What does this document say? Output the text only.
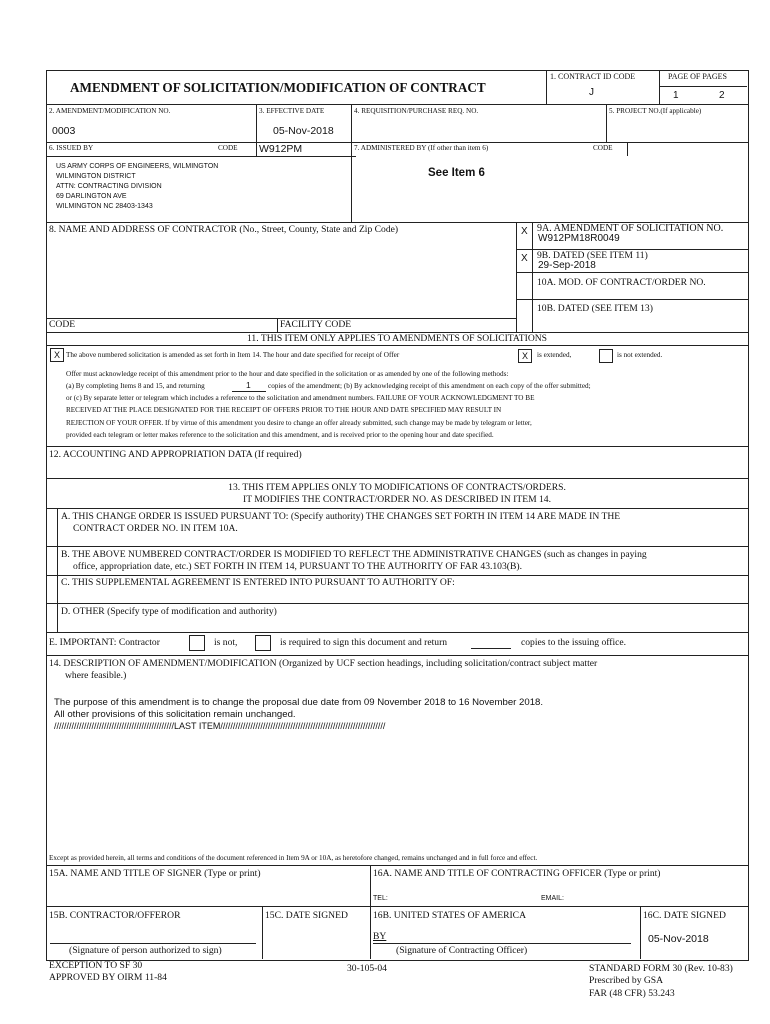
AMENDMENT OF SOLICITATION/MODIFICATION OF CONTRACT
1. CONTRACT ID CODE
J
PAGE OF PAGES
1	2
2. AMENDMENT/MODIFICATION NO.
0003
3. EFFECTIVE DATE
05-Nov-2018
4. REQUISITION/PURCHASE REQ. NO.	5. PROJECT NO.(If applicable)
6. ISSUED BY	CODE W912PM	7. ADMINISTERED BY (If other than item 6)	CODE
US ARMY CORPS OF ENGINEERS, WILMINGTON
WILMINGTON DISTRICT
ATTN: CONTRACTING DIVISION
69 DARLINGTON AVE
WILMINGTON NC 28403-1343
See Item 6
8. NAME AND ADDRESS OF CONTRACTOR (No., Street, County, State and Zip Code)	X 9A. AMENDMENT OF SOLICITATION NO.
W912PM18R0049
X 9B. DATED (SEE ITEM 11)
29-Sep-2018
10A. MOD. OF CONTRACT/ORDER NO.
10B. DATED (SEE ITEM 13)
CODE	FACILITY CODE
11. THIS ITEM ONLY APPLIES TO AMENDMENTS OF SOLICITATIONS
X The above numbered solicitation is amended as set forth in Item 14. The hour and date specified for receipt of Offer	X	is extended,	is not extended.
Offer must acknowledge receipt of this amendment prior to the hour and date specified in the solicitation or as amended by one of the following methods:
(a) By completing Items 8 and 15, and returning	1 copies of the amendment; (b) By acknowledging receipt of this amendment on each copy of the offer submitted;
or (c) By separate letter or telegram which includes a reference to the solicitation and amendment numbers. FAILURE OF YOUR ACKNOWLEDGMENT TO BE
RECEIVED AT THE PLACE DESIGNATED FOR THE RECEIPT OF OFFERS PRIOR TO THE HOUR AND DATE SPECIFIED MAY RESULT IN
REJECTION OF YOUR OFFER. If by virtue of this amendment you desire to change an offer already submitted, such change may be made by telegram or letter,
provided each telegram or letter makes reference to the solicitation and this amendment, and is received prior to the opening hour and date specified.
12. ACCOUNTING AND APPROPRIATION DATA (If required)
13. THIS ITEM APPLIES ONLY TO MODIFICATIONS OF CONTRACTS/ORDERS.
IT MODIFIES THE CONTRACT/ORDER NO. AS DESCRIBED IN ITEM 14.
A. THIS CHANGE ORDER IS ISSUED PURSUANT TO: (Specify authority) THE CHANGES SET FORTH IN ITEM 14 ARE MADE IN THE
CONTRACT ORDER NO. IN ITEM 10A.
B. THE ABOVE NUMBERED CONTRACT/ORDER IS MODIFIED TO REFLECT THE ADMINISTRATIVE CHANGES (such as changes in paying
office, appropriation date, etc.) SET FORTH IN ITEM 14, PURSUANT TO THE AUTHORITY OF FAR 43.103(B).
C. THIS SUPPLEMENTAL AGREEMENT IS ENTERED INTO PURSUANT TO AUTHORITY OF:
D. OTHER (Specify type of modification and authority)
E. IMPORTANT: Contractor	is not,	is required to sign this document and return	copies to the issuing office.
14. DESCRIPTION OF AMENDMENT/MODIFICATION (Organized by UCF section headings, including solicitation/contract subject matter
where feasible.)
The purpose of this amendment is to change the proposal due date from 09 November 2018 to 16 November 2018.
All other provisions of this solicitation remain unchanged.
////////////////////////////////////////////////LAST ITEM//////////////////////////////////////////////////////////////////
Except as provided herein, all terms and conditions of the document referenced in Item 9A or 10A, as heretofore changed, remains unchanged and in full force and effect.
15A. NAME AND TITLE OF SIGNER (Type or print)	16A. NAME AND TITLE OF CONTRACTING OFFICER (Type or print)
TEL:	EMAIL:
15B. CONTRACTOR/OFFEROR
(Signature of person authorized to sign)
15C. DATE SIGNED	16B. UNITED STATES OF AMERICA
BY
(Signature of Contracting Officer)
16C. DATE SIGNED
05-Nov-2018
EXCEPTION TO SF 30
APPROVED BY OIRM 11-84
30-105-04	STANDARD FORM 30 (Rev. 10-83)
Prescribed by GSA
FAR (48 CFR) 53.243
